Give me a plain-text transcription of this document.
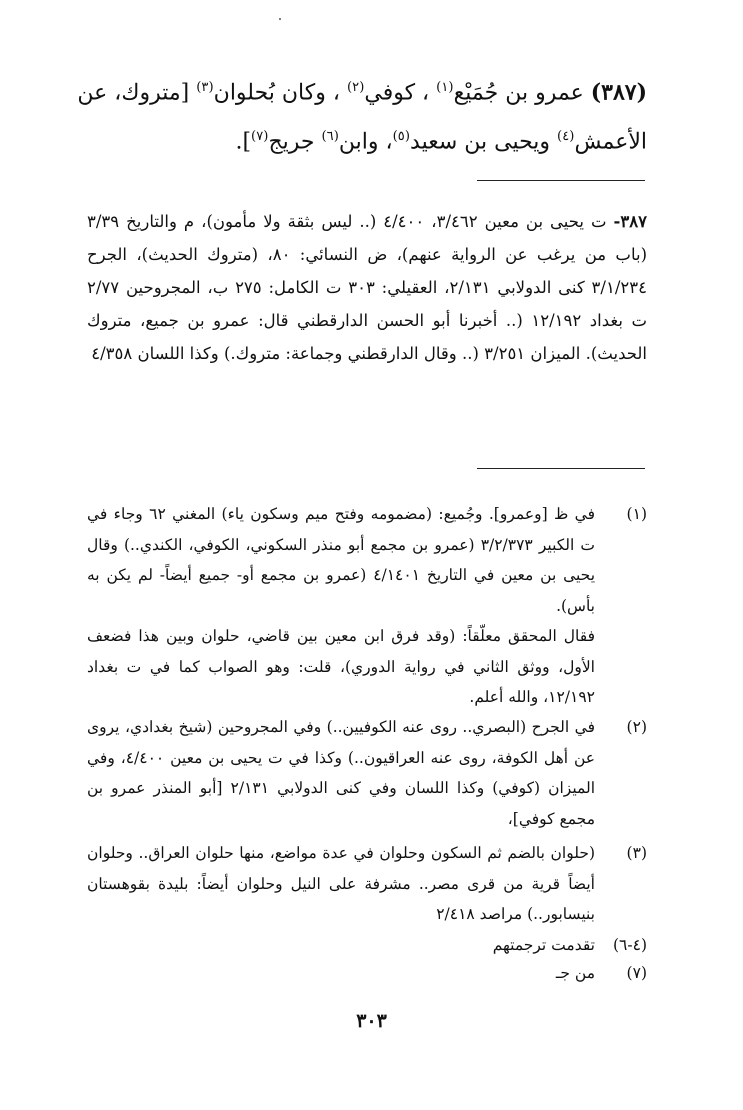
(٣٨٧) عمرو بن جُمَيْع$^{(١)}$ ، كوفي$^{(٢)}$ ، وكان بُحلوان$^{(٣)}$ [متروك، عن الأعمش$^{(٤)}$ ويحيى بن سعيد$^{(٥)}$، وابن$^{(٦)}$ جريج$^{(٧)}$].
٣٨٧- ت يحيى بن معين ٣/٤٦٢، ٤/٤٠٠ (.. ليس بثقة ولا مأمون)، م والتاريخ ٣/٣٩ (باب من يرغب عن الرواية عنهم)، ض النسائي: ٨٠، (متروك الحديث)، الجرح ٣/١/٢٣٤ كنى الدولابي ٢/١٣١، العقيلي: ٣٠٣ ت الكامل: ٢٧٥ ب، المجروحين ٢/٧٧ ت بغداد ١٢/١٩٢ (.. أخبرنا أبو الحسن الدارقطني قال: عمرو بن جميع، متروك الحديث). الميزان ٣/٢٥١ (.. وقال الدارقطني وجماعة: متروك.) وكذا اللسان ٤/٣٥٨
(١)
في ظ [وعمرو]. وجُميع: (مضمومه وفتح ميم وسكون ياء) المغني ٦٢ وجاء في ت الكبير ٣/٢/٣٧٣ (عمرو بن مجمع أبو منذر السكوني، الكوفي، الكندي..) وقال يحيى بن معين في التاريخ ٤/١٤٠١ (عمرو بن مجمع أو- جميع أيضاً- لم يكن به بأس).
فقال المحقق معلّقاً: (وقد فرق ابن معين بين قاضي، حلوان وبين هذا فضعف الأول، ووثق الثاني في رواية الدوري)، قلت: وهو الصواب كما في ت بغداد ١٢/١٩٢، والله أعلم.
(٢)
في الجرح (البصري.. روى عنه الكوفيين..) وفي المجروحين (شيخ بغدادي، يروى عن أهل الكوفة، روى عنه العراقيون..) وكذا في ت يحيى بن معين ٤/٤٠٠، وفي الميزان (كوفي) وكذا اللسان وفي كنى الدولابي ٢/١٣١ [أبو المنذر عمرو بن مجمع كوفي]،
(٣)
(حلوان بالضم ثم السكون وحلوان في عدة مواضع، منها حلوان العراق.. وحلوان أيضاً قرية من قرى مصر.. مشرفة على النيل وحلوان أيضاً: بليدة بقوهستان بنيسابور..) مراصد ٢/٤١٨
(٤-٦)
تقدمت ترجمتهم
(٧)
من جـ
٣٠٣
